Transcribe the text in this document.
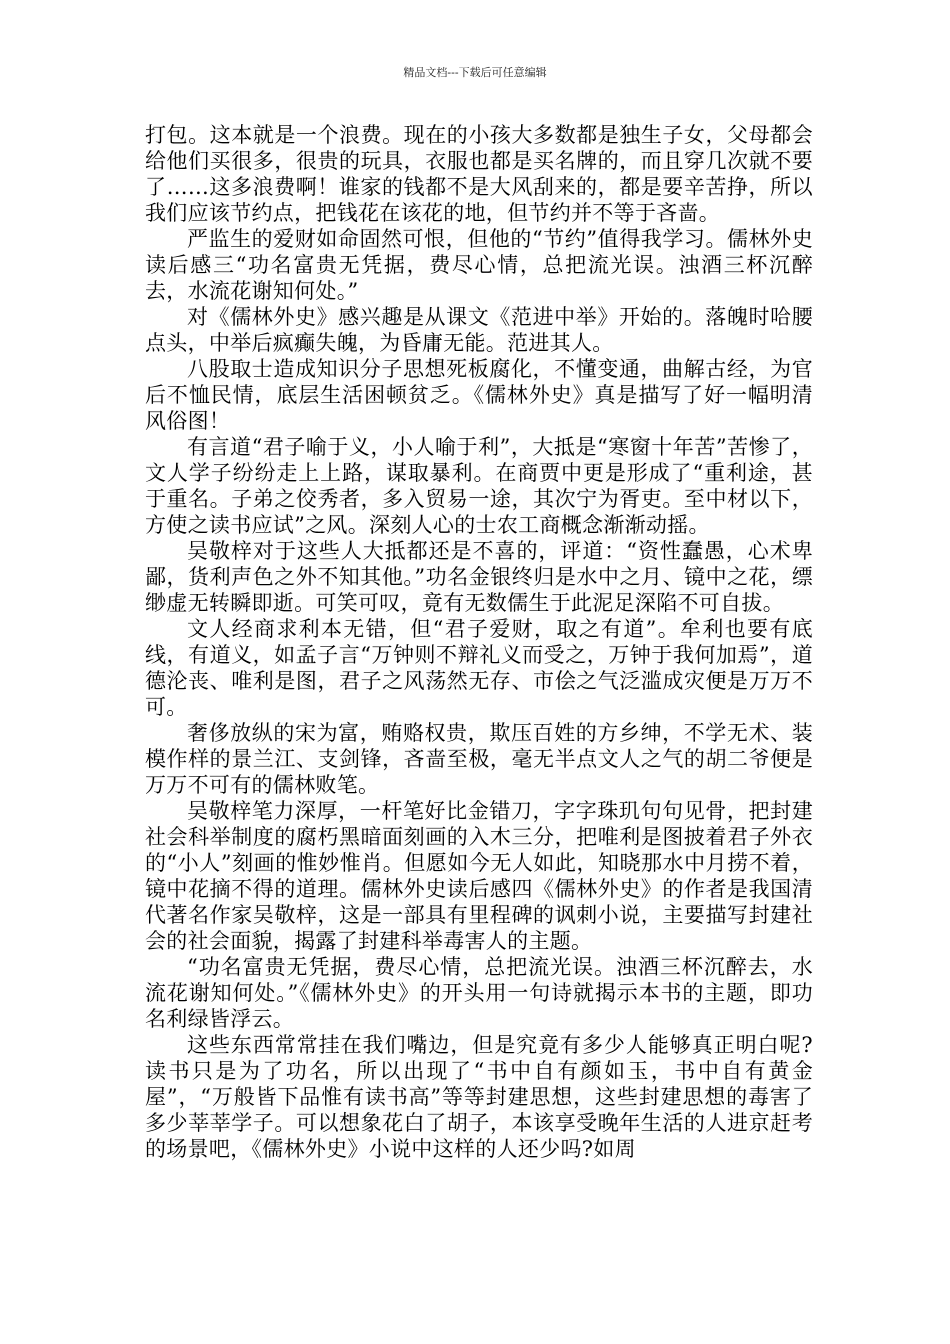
精品文档---下载后可任意编辑

打包。这本就是一个浪费。现在的小孩大多数都是独生子女，父母都会给他们买很多，很贵的玩具，衣服也都是买名牌的，而且穿几次就不要了……这多浪费啊！谁家的钱都不是大风刮来的，都是要辛苦挣，所以我们应该节约点，把钱花在该花的地，但节约并不等于吝啬。

严监生的爱财如命固然可恨，但他的“节约”值得我学习。儒林外史读后感三“功名富贵无凭据，费尽心情，总把流光误。浊酒三杯沉醉去，水流花谢知何处。”

对《儒林外史》感兴趣是从课文《范进中举》开始的。落魄时哈腰点头，中举后疯癫失魄，为昏庸无能。范进其人。

八股取士造成知识分子思想死板腐化，不懂变通，曲解古经，为官后不恤民情，底层生活困顿贫乏。《儒林外史》真是描写了好一幅明清风俗图！

有言道“君子喻于义，小人喻于利”，大抵是“寒窗十年苦”苦惨了，文人学子纷纷走上上路，谋取暴利。在商贾中更是形成了“重利途，甚于重名。子弟之佼秀者，多入贸易一途，其次宁为胥吏。至中材以下，方使之读书应试”之风。深刻人心的士农工商概念渐渐动摇。

吴敬梓对于这些人大抵都还是不喜的，评道：“资性蠢愚，心术卑鄙，货利声色之外不知其他。”功名金银终归是水中之月、镜中之花，缥缈虚无转瞬即逝。可笑可叹，竟有无数儒生于此泥足深陷不可自拔。

文人经商求利本无错，但“君子爱财，取之有道”。牟利也要有底线，有道义，如孟子言“万钟则不辩礼义而受之，万钟于我何加焉”，道德沦丧、唯利是图，君子之风荡然无存、市侩之气泛滥成灾便是万万不可。

奢侈放纵的宋为富，贿赂权贵，欺压百姓的方乡绅，不学无术、装模作样的景兰江、支剑锋，吝啬至极，毫无半点文人之气的胡二爷便是万万不可有的儒林败笔。

吴敬梓笔力深厚，一杆笔好比金错刀，字字珠玑句句见骨，把封建社会科举制度的腐朽黑暗面刻画的入木三分，把唯利是图披着君子外衣的“小人”刻画的惟妙惟肖。但愿如今无人如此，知晓那水中月捞不着，镜中花摘不得的道理。儒林外史读后感四《儒林外史》的作者是我国清代著名作家吴敬梓，这是一部具有里程碑的讽刺小说，主要描写封建社会的社会面貌，揭露了封建科举毒害人的主题。

“功名富贵无凭据，费尽心情，总把流光误。浊酒三杯沉醉去，水流花谢知何处。”《儒林外史》的开头用一句诗就揭示本书的主题，即功名利绿皆浮云。

这些东西常常挂在我们嘴边，但是究竟有多少人能够真正明白呢?读书只是为了功名，所以出现了“书中自有颜如玉，书中自有黄金屋”，“万般皆下品惟有读书高”等等封建思想，这些封建思想的毒害了多少莘莘学子。可以想象花白了胡子，本该享受晚年生活的人进京赶考的场景吧，《儒林外史》小说中这样的人还少吗?如周
